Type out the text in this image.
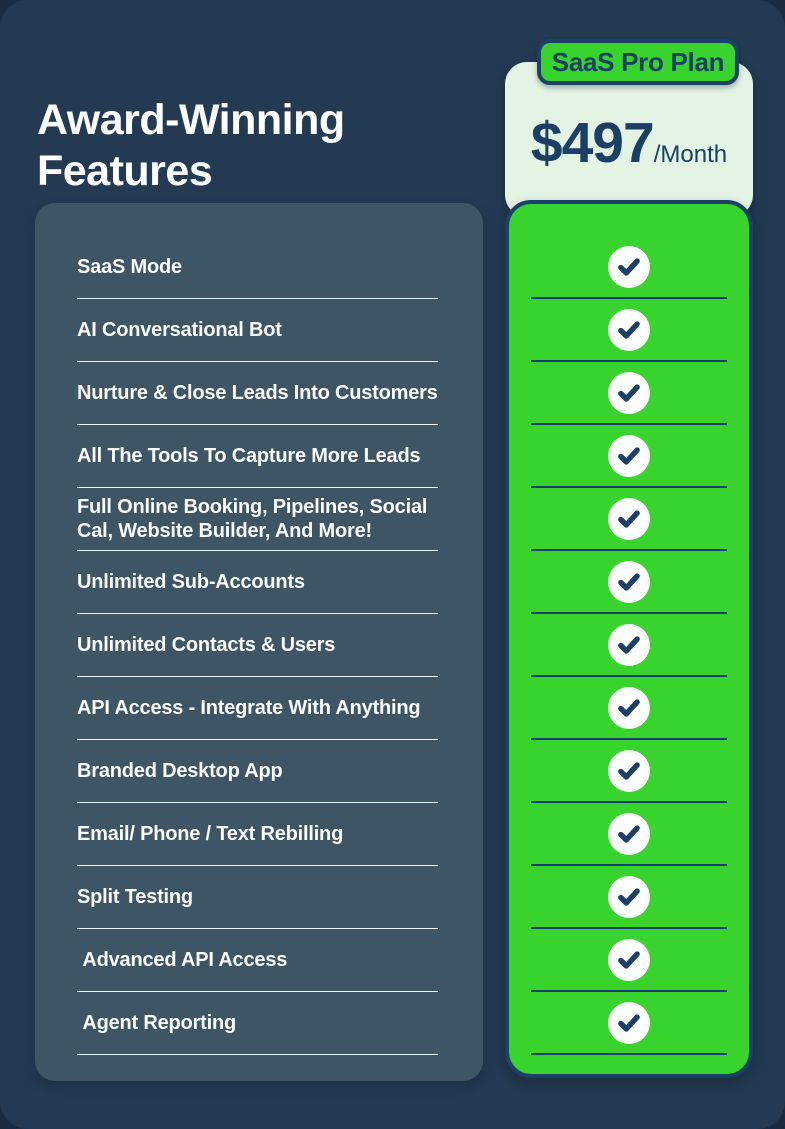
Award-Winning Features
SaaS Mode
AI Conversational Bot
Nurture & Close Leads Into Customers
All The Tools To Capture More Leads
Full Online Booking, Pipelines, Social Cal, Website Builder, And More!
Unlimited Sub-Accounts
Unlimited Contacts & Users
API Access - Integrate With Anything
Branded Desktop App
Email/ Phone / Text Rebilling
Split Testing
Advanced API Access
Agent Reporting
$497 /Month
SaaS Pro Plan
